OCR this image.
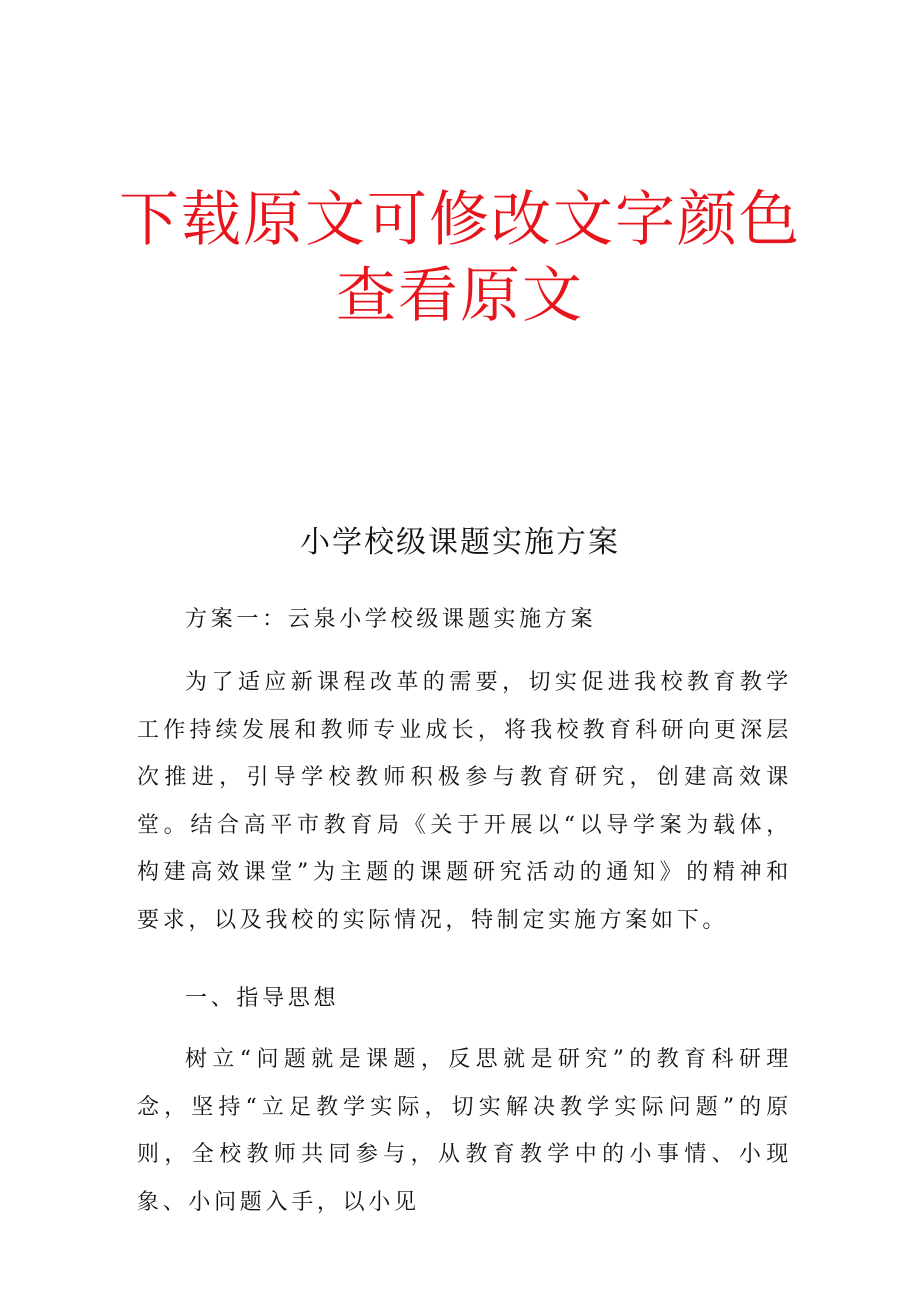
下载原文可修改文字颜色
查看原文
小学校级课题实施方案
方案一：云泉小学校级课题实施方案
为了适应新课程改革的需要，切实促进我校教育教学工作持续发展和教师专业成长，将我校教育科研向更深层次推进，引导学校教师积极参与教育研究，创建高效课堂。结合高平市教育局《关于开展以“以导学案为载体，构建高效课堂”为主题的课题研究活动的通知》的精神和要求，以及我校的实际情况，特制定实施方案如下。
一、指导思想
树立“问题就是课题，反思就是研究”的教育科研理念，坚持“立足教学实际，切实解决教学实际问题”的原则，全校教师共同参与，从教育教学中的小事情、小现象、小问题入手，以小见
